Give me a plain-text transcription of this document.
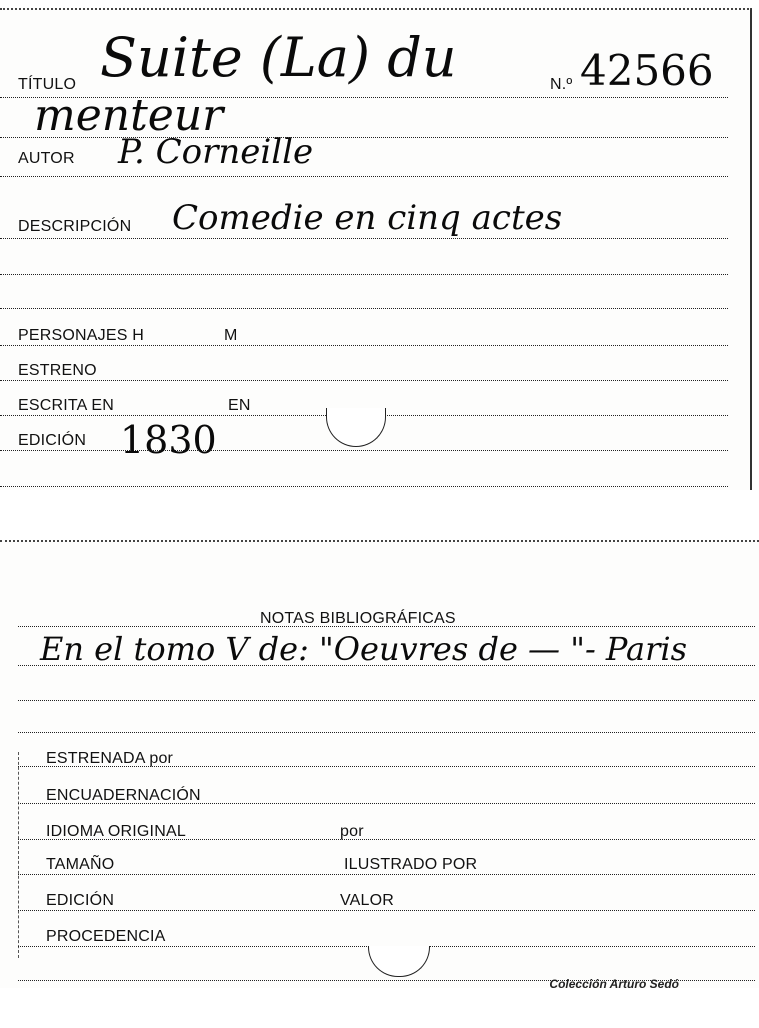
TÍTULO Suite (La) du	N.º 42566
menteur
AUTOR P. Corneille
DESCRIPCIÓN Comedie en cinq actes
PERSONAJES H	M
ESTRENO
ESCRITA EN	EN
EDICIÓN 1830
NOTAS BIBLIOGRÁFICAS
En el tomo V de: "Oeuvres de — "- Paris
ESTRENADA por
ENCUADERNACIÓN
IDIOMA ORIGINAL	por
TAMAÑO	ILUSTRADO POR
EDICIÓN	VALOR
PROCEDENCIA
Colección Arturo Sedó
